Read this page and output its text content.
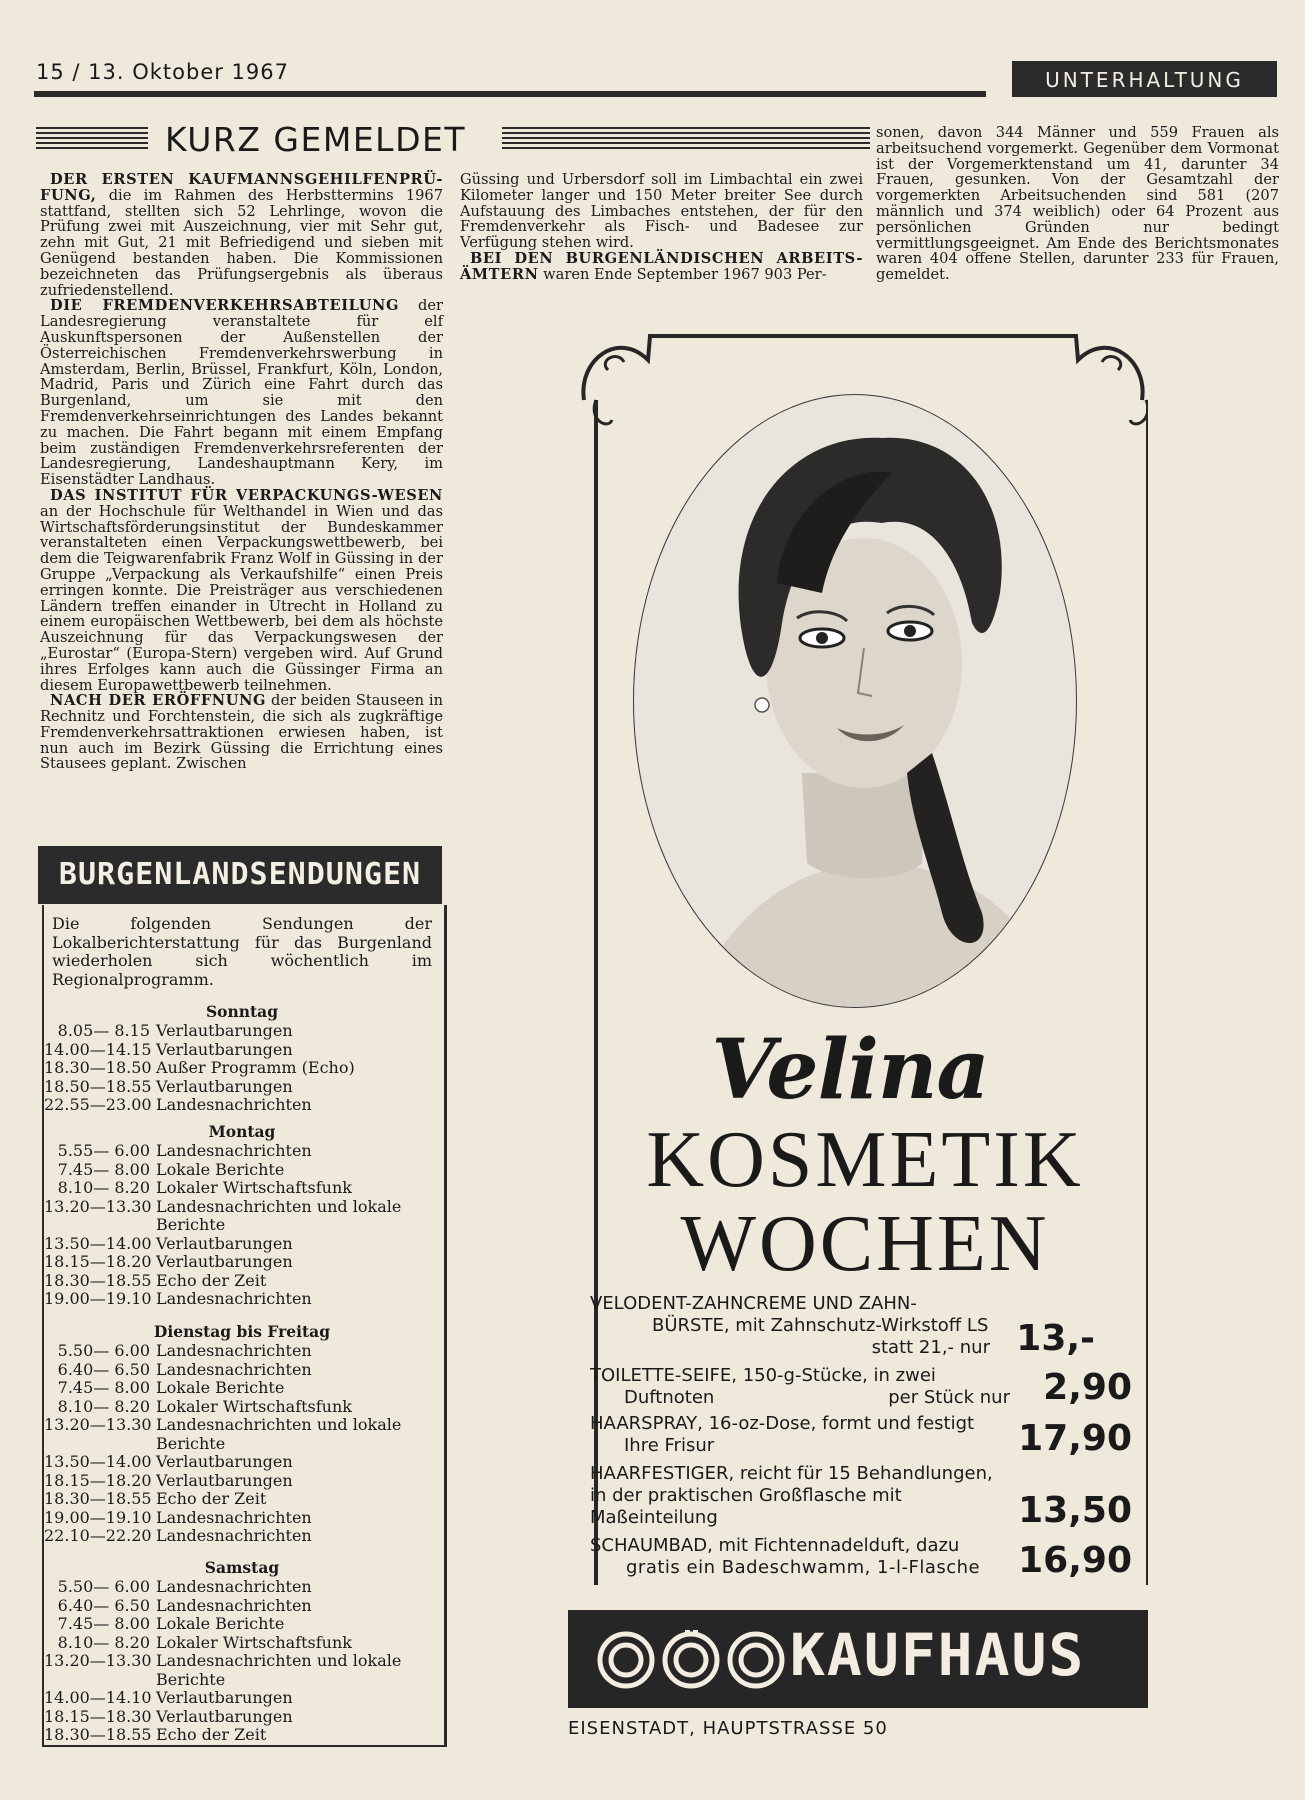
15 / 13. Oktober 1967	UNTERHALTUNG
KURZ GEMELDET

DER ERSTEN KAUFMANNSGEHILFENPRÜ-FUNG, die im Rahmen des Herbsttermins 1967 stattfand, stellten sich 52 Lehrlinge, wovon die Prüfung zwei mit Auszeichnung, vier mit Sehr gut, zehn mit Gut, 21 mit Befriedigend und sieben mit Genügend bestanden haben. Die Kommissionen bezeichneten das Prüfungsergebnis als überaus zufriedenstellend.

DIE FREMDENVERKEHRSABTEILUNG der Landesregierung veranstaltete für elf Auskunftspersonen der Außenstellen der Österreichischen Fremdenverkehrswerbung in Amsterdam, Berlin, Brüssel, Frankfurt, Köln, London, Madrid, Paris und Zürich eine Fahrt durch das Burgenland, um sie mit den Fremdenverkehrseinrichtungen des Landes bekannt zu machen. Die Fahrt begann mit einem Empfang beim zuständigen Fremdenverkehrsreferenten der Landesregierung, Landeshauptmann Kery, im Eisenstädter Landhaus.

DAS INSTITUT FÜR VERPACKUNGS-WESEN an der Hochschule für Welthandel in Wien und das Wirtschaftsförderungsinstitut der Bundeskammer veranstalteten einen Verpackungswettbewerb, bei dem die Teigwarenfabrik Franz Wolf in Güssing in der Gruppe „Verpackung als Verkaufshilfe“ einen Preis erringen konnte. Die Preisträger aus verschiedenen Ländern treffen einander in Utrecht in Holland zu einem europäischen Wettbewerb, bei dem als höchste Auszeichnung für das Verpackungswesen der „Eurostar“ (Europa-Stern) vergeben wird. Auf Grund ihres Erfolges kann auch die Güssinger Firma an diesem Europawettbewerb teilnehmen.

NACH DER ERÖFFNUNG der beiden Stauseen in Rechnitz und Forchtenstein, die sich als zugkräftige Fremdenverkehrsattraktionen erwiesen haben, ist nun auch im Bezirk Güssing die Errichtung eines Stausees geplant. Zwischen

Güssing und Urbersdorf soll im Limbachtal ein zwei Kilometer langer und 150 Meter breiter See durch Aufstauung des Limbaches entstehen, der für den Fremdenverkehr als Fisch- und Badesee zur Verfügung stehen wird.

BEI DEN BURGENLÄNDISCHEN ARBEITS-ÄMTERN waren Ende September 1967 903 Per-

sonen, davon 344 Männer und 559 Frauen als arbeitsuchend vorgemerkt. Gegenüber dem Vormonat ist der Vorgemerktenstand um 41, darunter 34 Frauen, gesunken. Von der Gesamtzahl der vorgemerkten Arbeitsuchenden sind 581 (207 männlich und 374 weiblich) oder 64 Prozent aus persönlichen Gründen nur bedingt vermittlungsgeeignet. Am Ende des Berichtsmonates waren 404 offene Stellen, darunter 233 für Frauen, gemeldet.

BURGENLANDSENDUNGEN
Die folgenden Sendungen der Lokalberichterstattung für das Burgenland wiederholen sich wöchentlich im Regionalprogramm.
Sonntag
8.05— 8.15 Verlautbarungen
14.00—14.15 Verlautbarungen
18.30—18.50 Außer Programm (Echo)
18.50—18.55 Verlautbarungen
22.55—23.00 Landesnachrichten
Montag
5.55— 6.00 Landesnachrichten
7.45— 8.00 Lokale Berichte
8.10— 8.20 Lokaler Wirtschaftsfunk
13.20—13.30 Landesnachrichten und lokale
Berichte
13.50—14.00 Verlautbarungen
18.15—18.20 Verlautbarungen
18.30—18.55 Echo der Zeit
19.00—19.10 Landesnachrichten
Dienstag bis Freitag
5.50— 6.00 Landesnachrichten
6.40— 6.50 Landesnachrichten
7.45— 8.00 Lokale Berichte
8.10— 8.20 Lokaler Wirtschaftsfunk
13.20—13.30 Landesnachrichten und lokale
Berichte
13.50—14.00 Verlautbarungen
18.15—18.20 Verlautbarungen
18.30—18.55 Echo der Zeit
19.00—19.10 Landesnachrichten
22.10—22.20 Landesnachrichten
Samstag
5.50— 6.00 Landesnachrichten
6.40— 6.50 Landesnachrichten
7.45— 8.00 Lokale Berichte
8.10— 8.20 Lokaler Wirtschaftsfunk
13.20—13.30 Landesnachrichten und lokale
Berichte
14.00—14.10 Verlautbarungen
18.15—18.30 Verlautbarungen
18.30—18.55 Echo der Zeit
Velina
KOSMETIK
WOCHEN
VELODENT-ZAHNCREME UND ZAHN-
BÜRSTE, mit Zahnschutz-Wirkstoff LS
statt 21,- nur 13,-
TOILETTE-SEIFE, 150-g-Stücke, in zwei
Duftnoten	per Stück nur 2,90
HAARSPRAY, 16-oz-Dose, formt und festigt
Ihre Frisur	17,90
HAARFESTIGER, reicht für 15 Behandlungen,
in der praktischen Großflasche mit
Maßeinteilung	13,50
SCHAUMBAD, mit Fichtennadelduft, dazu
gratis ein Badeschwamm, 1-l-Flasche	16,90
KAUFHAUS
EISENSTADT, HAUPTSTRASSE 50
